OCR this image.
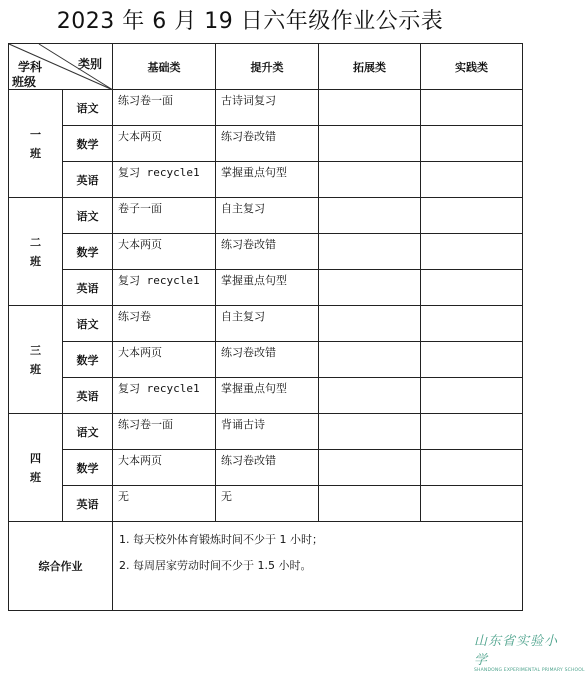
2023 年 6 月 19 日六年级作业公示表
学科 类别
班级		基础类	提升类	拓展类	实践类
一
班	语文	练习卷一面	古诗词复习		
	数学	大本两页	练习卷改错		
	英语	复习 recycle1	掌握重点句型		
二
班	语文	卷子一面	自主复习		
	数学	大本两页	练习卷改错		
	英语	复习 recycle1	掌握重点句型		
三
班	语文	练习卷	自主复习		
	数学	大本两页	练习卷改错		
	英语	复习 recycle1	掌握重点句型		
四
班	语文	练习卷一面	背诵古诗		
	数学	大本两页	练习卷改错		
	英语	无	无		
综合作业		1. 每天校外体育锻炼时间不少于 1 小时；
2. 每周居家劳动时间不少于 1.5 小时。			
山东省实验小学
SHANDONG EXPERIMENTAL PRIMARY SCHOOL
